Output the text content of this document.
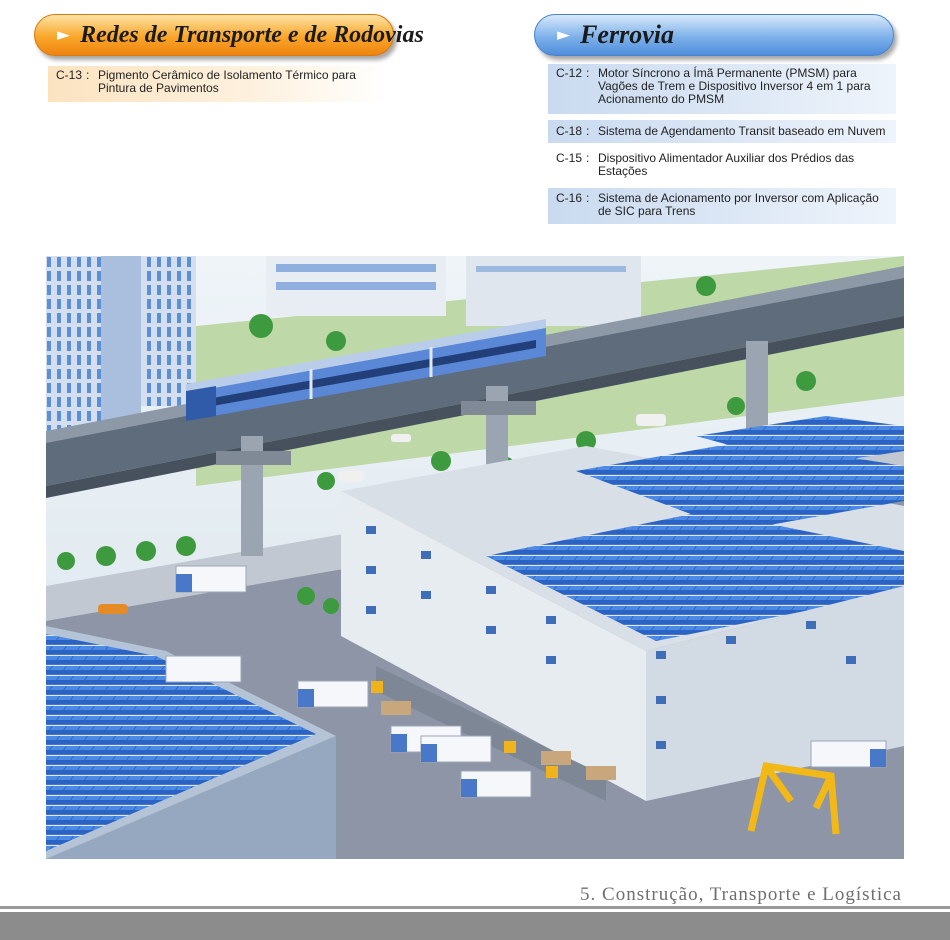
► Redes de Transporte e de Rodovias
C-13 : Pigmento Cerâmico de Isolamento Térmico para Pintura de Pavimentos
► Ferrovia
C-12 : Motor Síncrono a Ímã Permanente (PMSM) para Vagões de Trem e Dispositivo Inversor 4 em 1 para Acionamento do PMSM
C-18 : Sistema de Agendamento Transit baseado em Nuvem
C-15 : Dispositivo Alimentador Auxiliar dos Prédios das Estações
C-16 : Sistema de Acionamento por Inversor com Aplicação de SIC para Trens
5. Construção, Transporte e Logística
